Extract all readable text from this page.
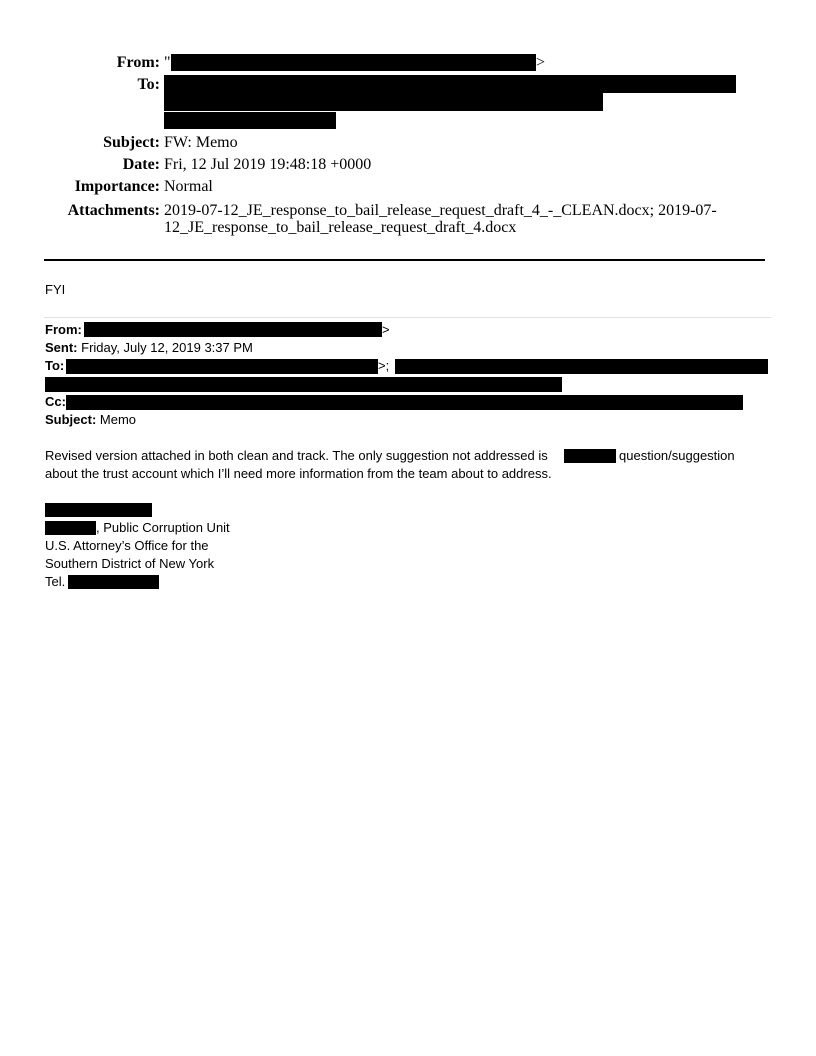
From: "	>
To:
Subject: FW: Memo
Date: Fri, 12 Jul 2019 19:48:18 +0000
Importance: Normal
Attachments: 2019-07-12_JE_response_to_bail_release_request_draft_4_-_CLEAN.docx; 2019-07-
12_JE_response_to_bail_release_request_draft_4.docx
FYI
From:	>
Sent: Friday, July 12, 2019 3:37 PM
To:	>;
Cc:
Subject: Memo
Revised version attached in both clean and track. The only suggestion not addressed is	question/suggestion
about the trust account which I’ll need more information from the team about to address.
, Public Corruption Unit
U.S. Attorney’s Office for the
Southern District of New York
Tel.
